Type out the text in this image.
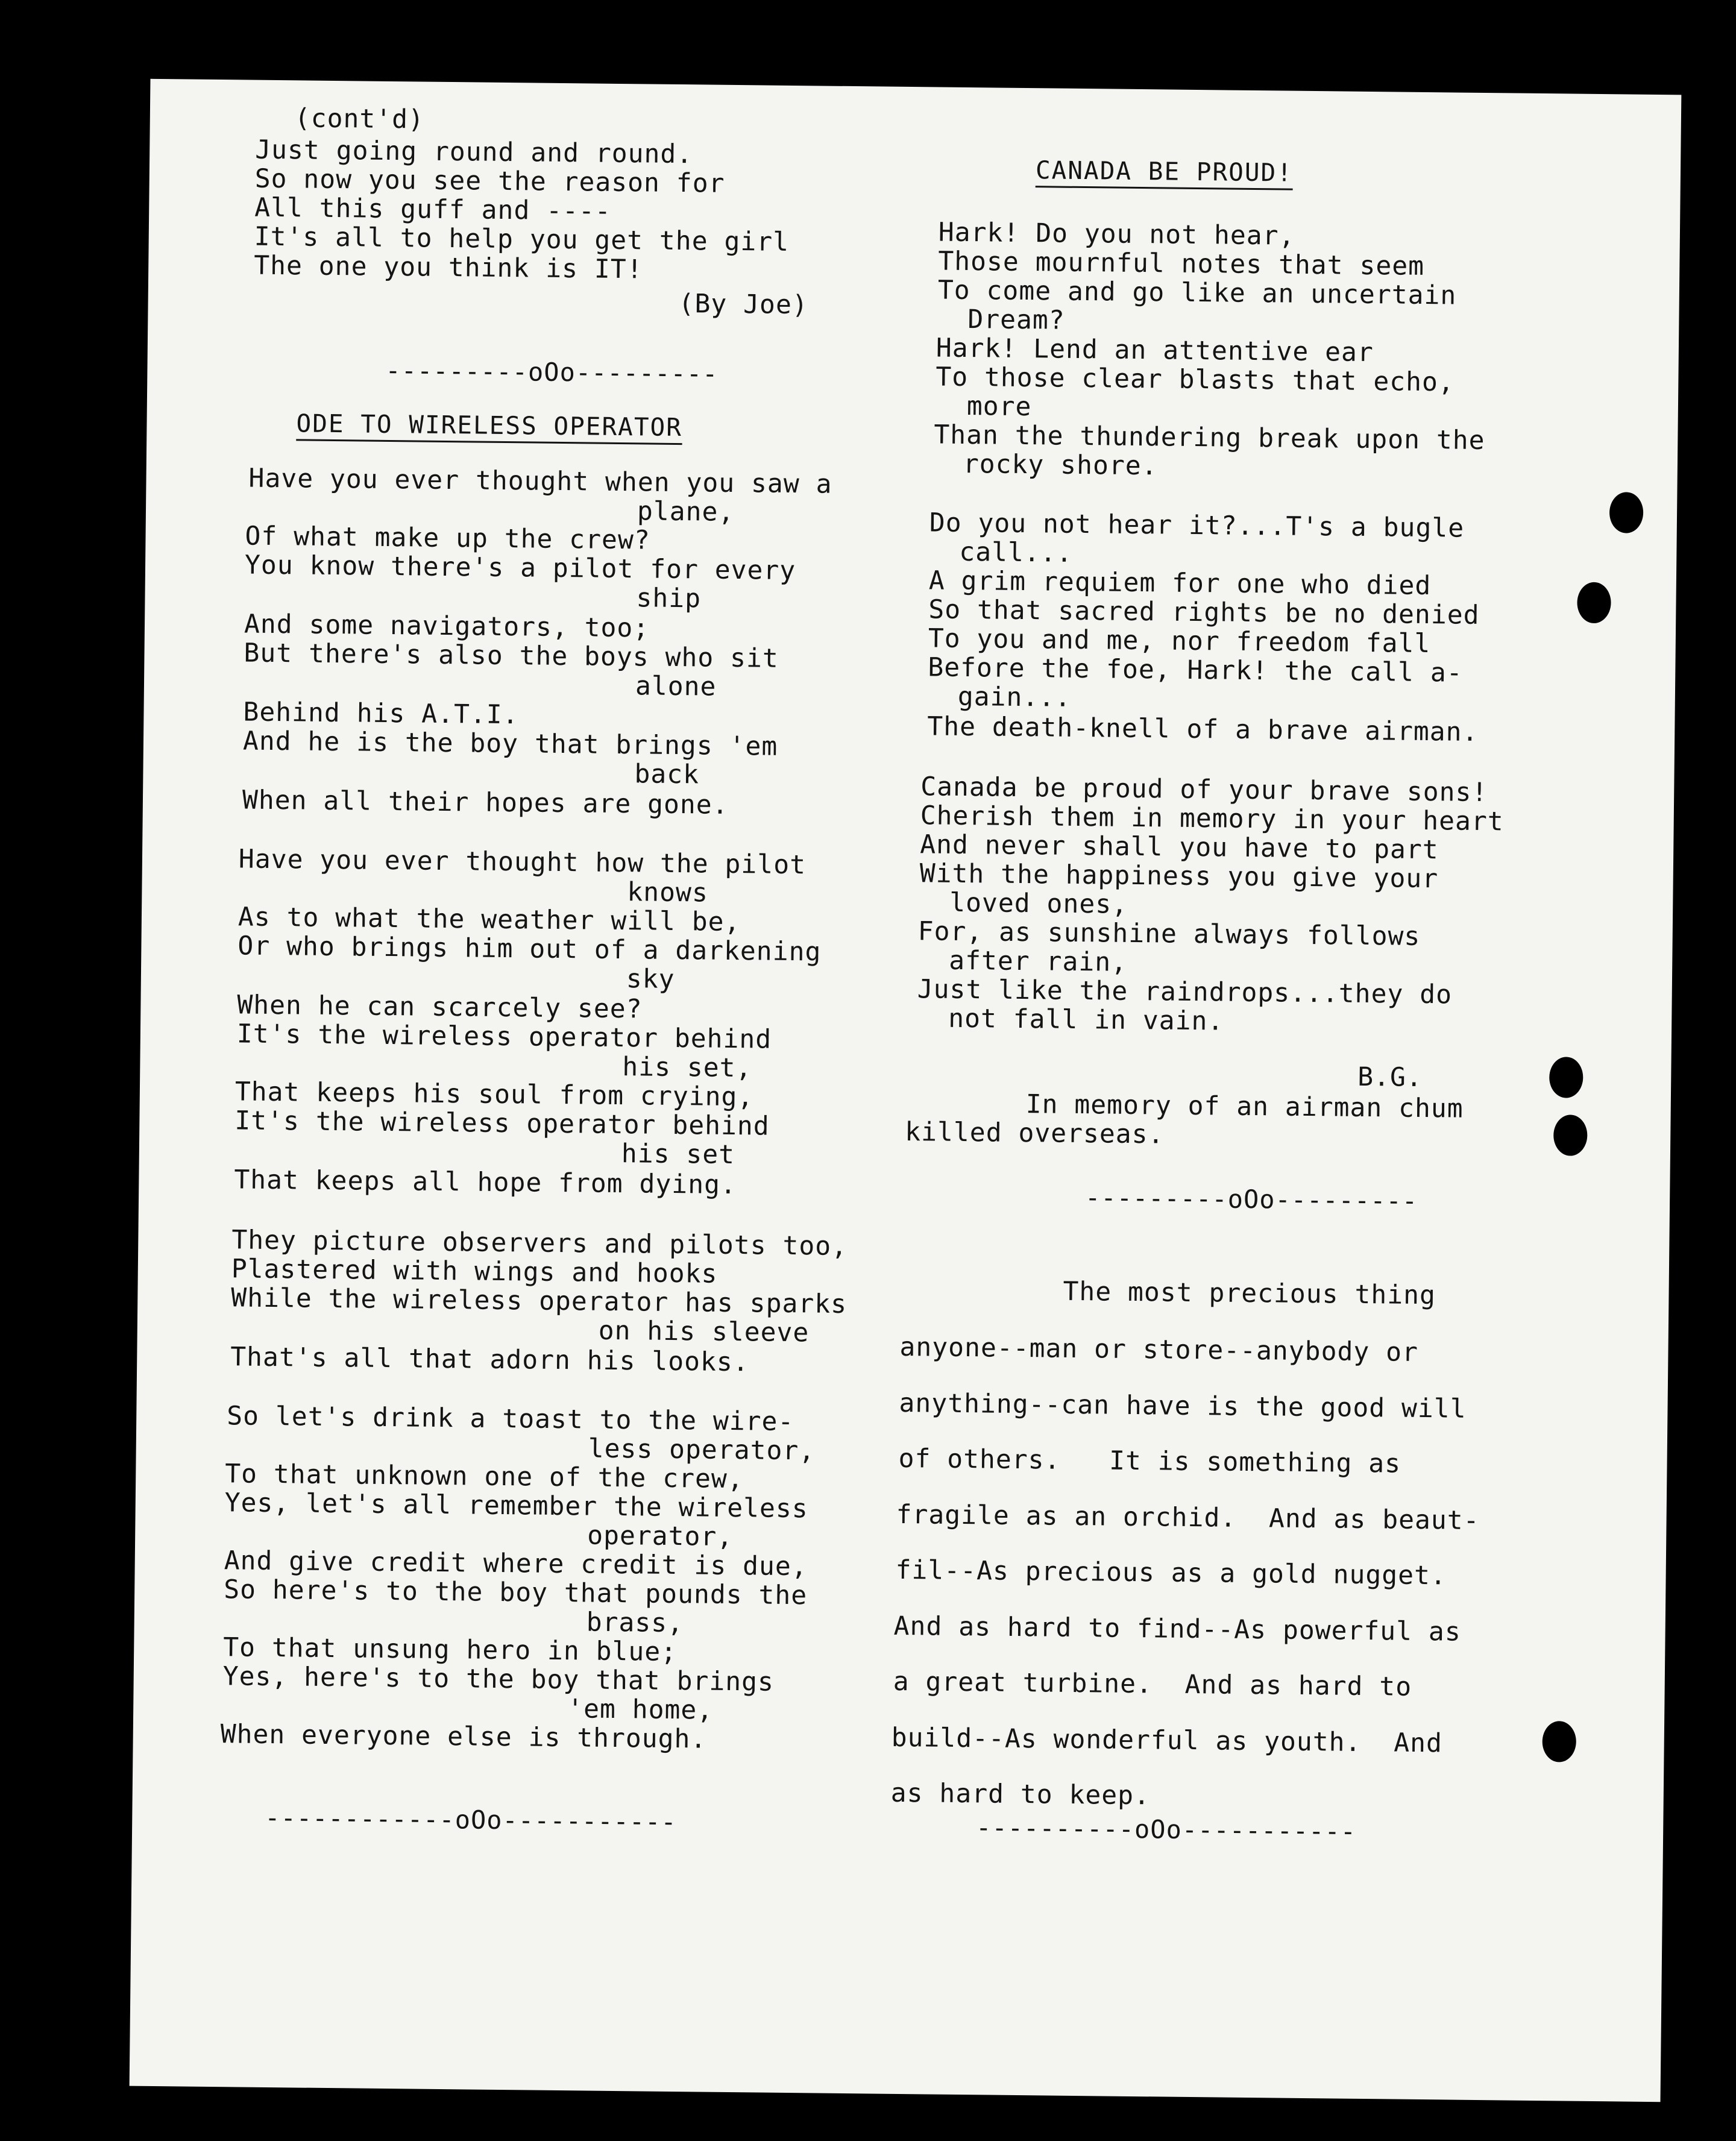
(cont'd)
Just going round and round.
So now you see the reason for
All this guff and ----
It's all to help you get the girl
The one you think is IT!
(By Joe)
---------oOo---------
ODE TO WIRELESS OPERATOR
Have you ever thought when you saw a
plane,
Of what make up the crew?
You know there's a pilot for every
ship
And some navigators, too;
But there's also the boys who sit
alone
Behind his A.T.I.
And he is the boy that brings 'em
back
When all their hopes are gone.
Have you ever thought how the pilot
knows
As to what the weather will be,
Or who brings him out of a darkening
sky
When he can scarcely see?
It's the wireless operator behind
his set,
That keeps his soul from crying,
It's the wireless operator behind
his set
That keeps all hope from dying.
They picture observers and pilots too,
Plastered with wings and hooks
While the wireless operator has sparks
on his sleeve
That's all that adorn his looks.
So let's drink a toast to the wire-
less operator,
To that unknown one of the crew,
Yes, let's all remember the wireless
operator,
And give credit where credit is due,
So here's to the boy that pounds the
brass,
To that unsung hero in blue;
Yes, here's to the boy that brings
'em home,
When everyone else is through.
------------oOo-----------
CANADA BE PROUD!
Hark! Do you not hear,
Those mournful notes that seem
To come and go like an uncertain
Dream?
Hark! Lend an attentive ear
To those clear blasts that echo,
more
Than the thundering break upon the
rocky shore.
Do you not hear it?...T's a bugle
call...
A grim requiem for one who died
So that sacred rights be no denied
To you and me, nor freedom fall
Before the foe, Hark! the call a-
gain...
The death-knell of a brave airman.
Canada be proud of your brave sons!
Cherish them in memory in your heart
And never shall you have to part
With the happiness you give your
loved ones,
For, as sunshine always follows
after rain,
Just like the raindrops...they do
not fall in vain.
B.G.
In memory of an airman chum
killed overseas.
---------oOo---------
The most precious thing
anyone--man or store--anybody or
anything--can have is the good will
of others.   It is something as
fragile as an orchid.  And as beaut-
fil--As precious as a gold nugget.
And as hard to find--As powerful as
a great turbine.  And as hard to
build--As wonderful as youth.  And
as hard to keep.
----------oOo-----------
